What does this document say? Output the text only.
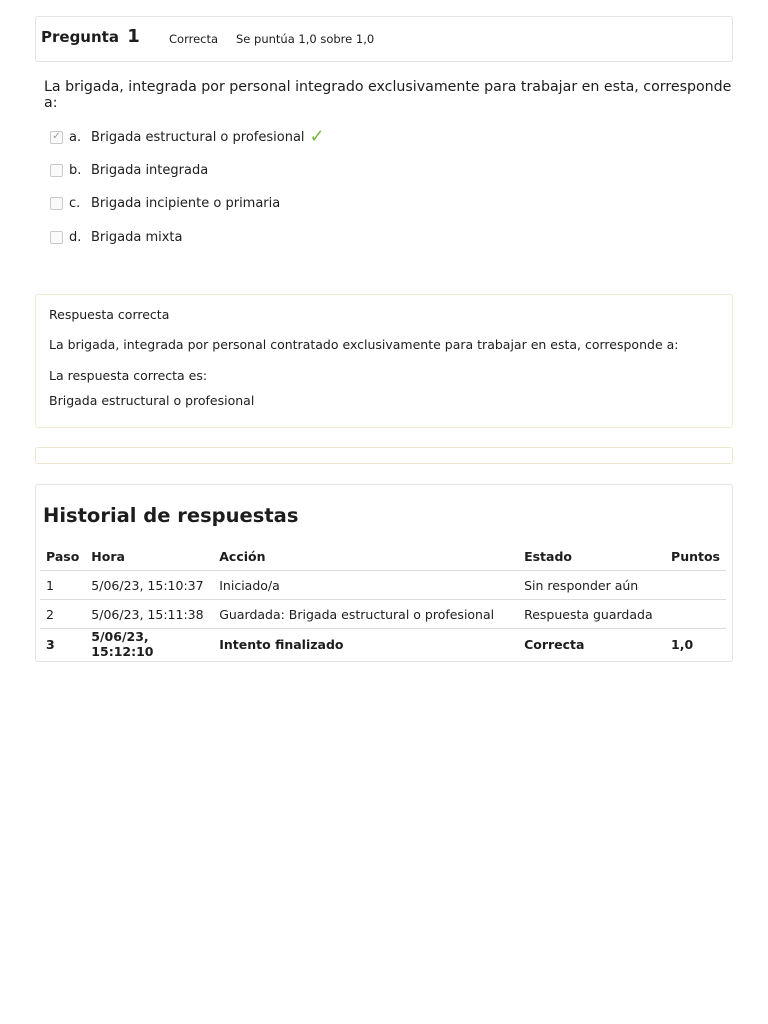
Pregunta 1	Correcta Se puntúa 1,0 sobre 1,0
La brigada, integrada por personal integrado exclusivamente para trabajar en esta, corresponde a:
✓ a. Brigada estructural o profesional ✓
b. Brigada integrada
c. Brigada incipiente o primaria
d. Brigada mixta
Respuesta correcta
La brigada, integrada por personal contratado exclusivamente para trabajar en esta, corresponde a:
La respuesta correcta es:
Brigada estructural o profesional
Historial de respuestas
Paso	Hora	Acción	Estado	Puntos
1	5/06/23, 15:10:37	Iniciado/a	Sin responder aún	
2	5/06/23, 15:11:38	Guardada: Brigada estructural o profesional	Respuesta guardada	
3	5/06/23, 15:12:10	Intento finalizado	Correcta	1,0
